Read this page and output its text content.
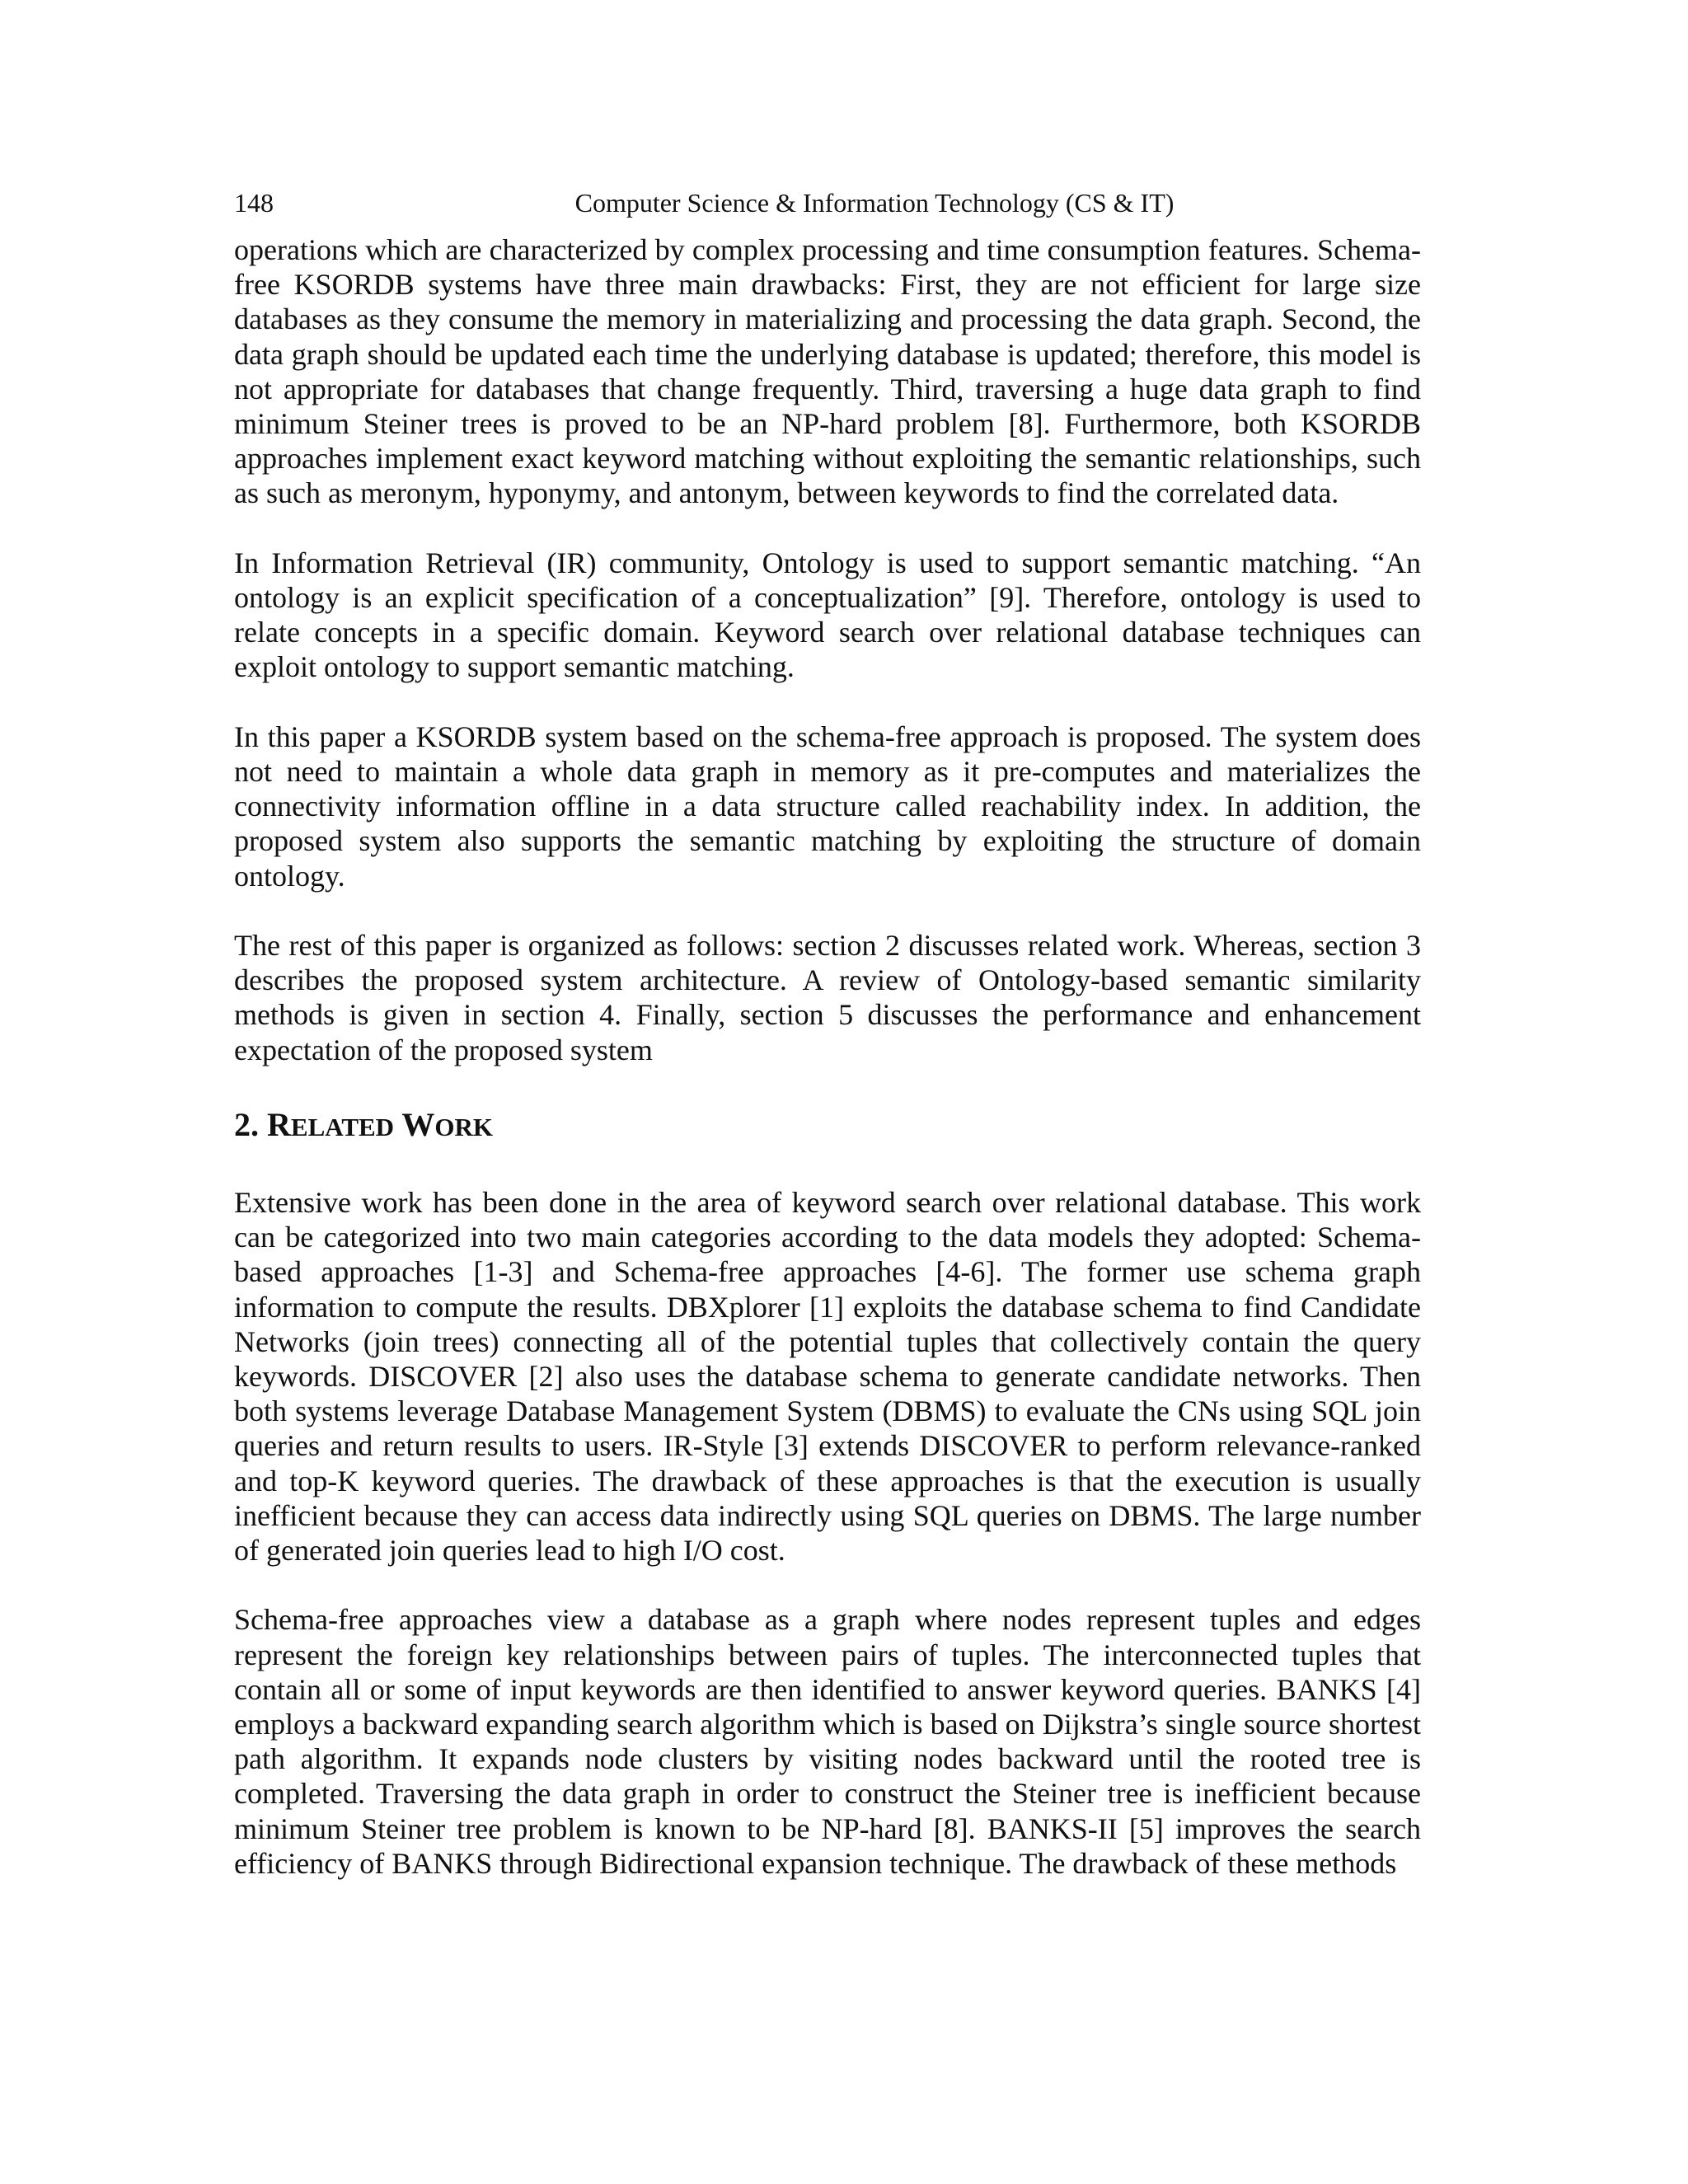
148	Computer Science & Information Technology (CS & IT)

operations which are characterized by complex processing and time consumption features. Schema-free KSORDB systems have three main drawbacks: First, they are not efficient for large size databases as they consume the memory in materializing and processing the data graph. Second, the data graph should be updated each time the underlying database is updated; therefore, this model is not appropriate for databases that change frequently. Third, traversing a huge data graph to find minimum Steiner trees is proved to be an NP-hard problem [8]. Furthermore, both KSORDB approaches implement exact keyword matching without exploiting the semantic relationships, such as such as meronym, hyponymy, and antonym, between keywords to find the correlated data.

In Information Retrieval (IR) community, Ontology is used to support semantic matching. “An ontology is an explicit specification of a conceptualization” [9]. Therefore, ontology is used to relate concepts in a specific domain. Keyword search over relational database techniques can exploit ontology to support semantic matching.

In this paper a KSORDB system based on the schema-free approach is proposed. The system does not need to maintain a whole data graph in memory as it pre-computes and materializes the connectivity information offline in a data structure called reachability index. In addition, the proposed system also supports the semantic matching by exploiting the structure of domain ontology.

The rest of this paper is organized as follows: section 2 discusses related work. Whereas, section 3 describes the proposed system architecture. A review of Ontology-based semantic similarity methods is given in section 4. Finally, section 5 discusses the performance and enhancement expectation of the proposed system

2. RELATED WORK

Extensive work has been done in the area of keyword search over relational database. This work can be categorized into two main categories according to the data models they adopted: Schema-based approaches [1-3] and Schema-free approaches [4-6]. The former use schema graph information to compute the results. DBXplorer [1] exploits the database schema to find Candidate Networks (join trees) connecting all of the potential tuples that collectively contain the query keywords. DISCOVER [2] also uses the database schema to generate candidate networks. Then both systems leverage Database Management System (DBMS) to evaluate the CNs using SQL join queries and return results to users. IR-Style [3] extends DISCOVER to perform relevance-ranked and top-K keyword queries. The drawback of these approaches is that the execution is usually inefficient because they can access data indirectly using SQL queries on DBMS. The large number of generated join queries lead to high I/O cost.

Schema-free approaches view a database as a graph where nodes represent tuples and edges represent the foreign key relationships between pairs of tuples. The interconnected tuples that contain all or some of input keywords are then identified to answer keyword queries. BANKS [4] employs a backward expanding search algorithm which is based on Dijkstra’s single source shortest path algorithm. It expands node clusters by visiting nodes backward until the rooted tree is completed. Traversing the data graph in order to construct the Steiner tree is inefficient because minimum Steiner tree problem is known to be NP-hard [8]. BANKS-II [5] improves the search efficiency of BANKS through Bidirectional expansion technique. The drawback of these methods
